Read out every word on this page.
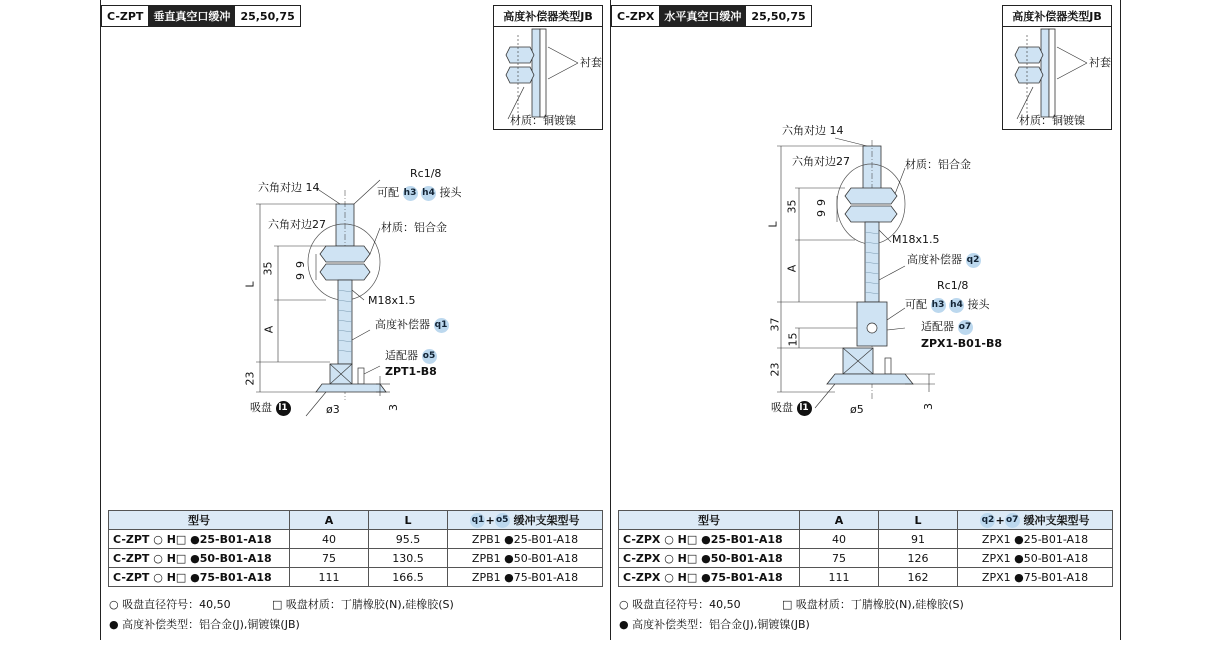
C-ZPT 垂直真空口缓冲 25,50,75	高度补偿器类型JB
衬套
材质：铜镀镍
Rc1/8
可配 h3 h4 接头
六角对边 14
六角对边27	材质：铝合金
M18x1.5
高度补偿器 q1
适配器 o5
ZPT1-B8
吸盘 l1	ø3
L
35 9
9
A
23
3
型号	A	L	q1+o5 缓冲支架型号
C-ZPT ○ H□ ●25-B01-A18	40	95.5	ZPB1 ●25-B01-A18
C-ZPT ○ H□ ●50-B01-A18	75	130.5	ZPB1 ●50-B01-A18
C-ZPT ○ H□ ●75-B01-A18	111	166.5	ZPB1 ●75-B01-A18
○ 吸盘直径符号：40,50	□ 吸盘材质：丁腈橡胶(N),硅橡胶(S)
● 高度补偿类型：铝合金(J),铜镀镍(JB)
C-ZPX 水平真空口缓冲 25,50,75	高度补偿器类型JB
衬套
材质：铜镀镍
六角对边 14
六角对边27	材质：铝合金
M18x1.5
高度补偿器 q2
Rc1/8
可配 h3 h4 接头
适配器 o7
ZPX1-B01-B8
吸盘 l1	ø5
L
35 9
9
A
37
15
23
3
型号	A	L	q2+o7 缓冲支架型号
C-ZPX ○ H□ ●25-B01-A18	40	91	ZPX1 ●25-B01-A18
C-ZPX ○ H□ ●50-B01-A18	75	126	ZPX1 ●50-B01-A18
C-ZPX ○ H□ ●75-B01-A18	111	162	ZPX1 ●75-B01-A18
○ 吸盘直径符号：40,50	□ 吸盘材质：丁腈橡胶(N),硅橡胶(S)
● 高度补偿类型：铝合金(J),铜镀镍(JB)
